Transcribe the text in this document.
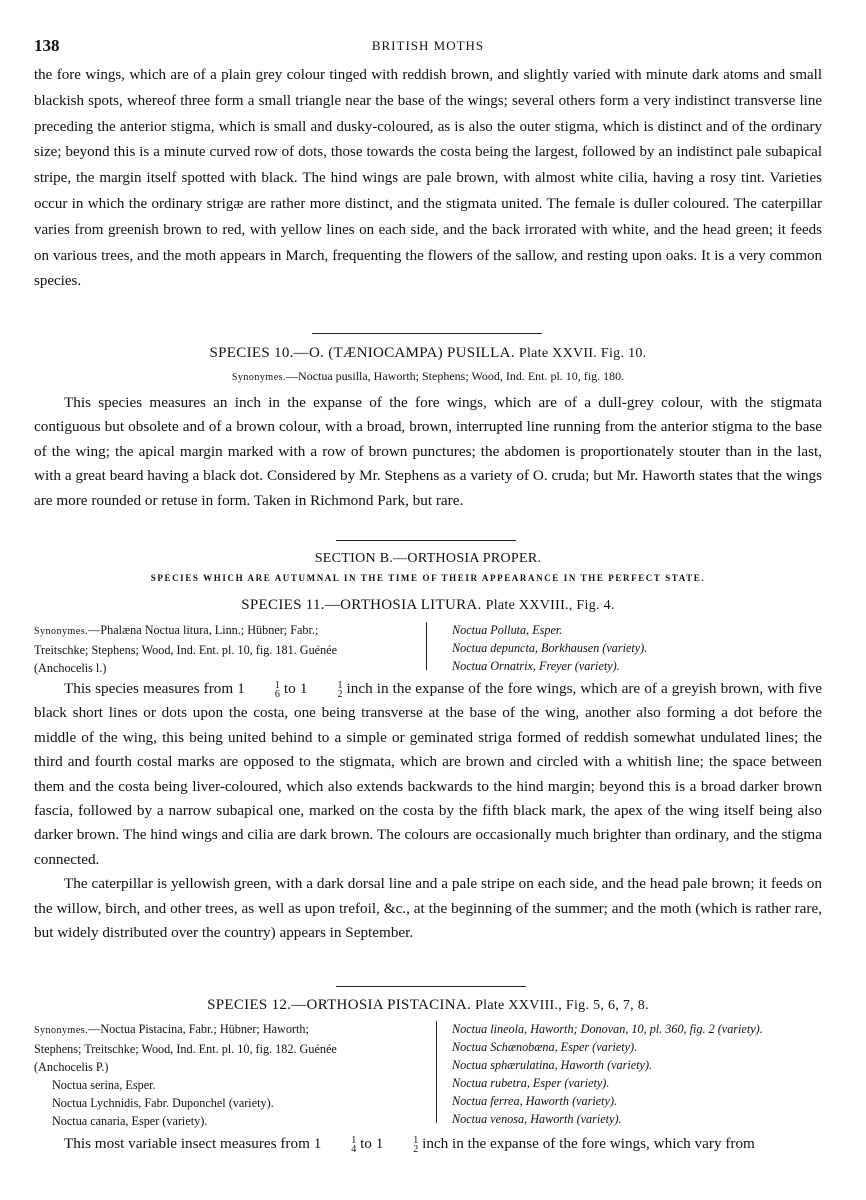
138	BRITISH MOTHS

the fore wings, which are of a plain grey colour tinged with reddish brown, and slightly varied with minute dark atoms and small blackish spots, whereof three form a small triangle near the base of the wings; several others form a very indistinct transverse line preceding the anterior stigma, which is small and dusky-coloured, as is also the outer stigma, which is distinct and of the ordinary size; beyond this is a minute curved row of dots, those towards the costa being the largest, followed by an indistinct pale subapical stripe, the margin itself spotted with black. The hind wings are pale brown, with almost white cilia, having a rosy tint. Varieties occur in which the ordinary strigæ are rather more distinct, and the stigmata united. The female is duller coloured. The caterpillar varies from greenish brown to red, with yellow lines on each side, and the back irrorated with white, and the head green; it feeds on various trees, and the moth appears in March, frequenting the flowers of the sallow, and resting upon oaks. It is a very common species.

SPECIES 10.—O. (TÆNIOCAMPA) PUSILLA. Plate XXVII. Fig. 10.
Synonymes.—Noctua pusilla, Haworth; Stephens; Wood, Ind. Ent. pl. 10, fig. 180.

This species measures an inch in the expanse of the fore wings, which are of a dull-grey colour, with the stigmata contiguous but obsolete and of a brown colour, with a broad, brown, interrupted line running from the anterior stigma to the base of the wing; the apical margin marked with a row of brown punctures; the abdomen is proportionately stouter than in the last, with a great beard having a black dot. Considered by Mr. Stephens as a variety of O. cruda; but Mr. Haworth states that the wings are more rounded or retuse in form. Taken in Richmond Park, but rare.

SECTION B.—ORTHOSIA PROPER.
SPECIES WHICH ARE AUTUMNAL IN THE TIME OF THEIR APPEARANCE IN THE PERFECT STATE.
SPECIES 11.—ORTHOSIA LITURA. Plate XXVIII., Fig. 4.
Synonymes.—Phalæna Noctua litura, Linn.; Hübner; Fabr.;
Treitschke; Stephens; Wood, Ind. Ent. pl. 10, fig. 181. Guénée
(Anchocelis l.)
Noctua Polluta, Esper.
Noctua depuncta, Borkhausen (variety).
Noctua Ornatrix, Freyer (variety).

This species measures from 1	1
6 to 1	1
2 inch in the expanse of the fore wings, which are of a greyish brown, with five black short lines or dots upon the costa, one being transverse at the base of the wing, another also forming a dot before the middle of the wing, this being united behind to a simple or geminated striga formed of reddish somewhat undulated lines; the third and fourth costal marks are opposed to the stigmata, which are brown and circled with a whitish line; the space between them and the costa being liver-coloured, which also extends backwards to the hind margin; beyond this is a broad darker brown fascia, followed by a narrow subapical one, marked on the costa by the fifth black mark, the apex of the wing itself being also darker brown. The hind wings and cilia are dark brown. The colours are occasionally much brighter than ordinary, and the stigma connected.

The caterpillar is yellowish green, with a dark dorsal line and a pale stripe on each side, and the head pale brown; it feeds on the willow, birch, and other trees, as well as upon trefoil, &c., at the beginning of the summer; and the moth (which is rather rare, but widely distributed over the country) appears in September.

SPECIES 12.—ORTHOSIA PISTACINA. Plate XXVIII., Fig. 5, 6, 7, 8.
Synonymes.—Noctua Pistacina, Fabr.; Hübner; Haworth;
Stephens; Treitschke; Wood, Ind. Ent. pl. 10, fig. 182. Guénée
(Anchocelis P.)
Noctua serina, Esper.
Noctua Lychnidis, Fabr. Duponchel (variety).
Noctua canaria, Esper (variety).
Noctua lineola, Haworth; Donovan, 10, pl. 360, fig. 2 (variety).
Noctua Schænobæna, Esper (variety).
Noctua sphærulatina, Haworth (variety).
Noctua rubetra, Esper (variety).
Noctua ferrea, Haworth (variety).
Noctua venosa, Haworth (variety).

This most variable insect measures from 1	1
4 to 1	1
2 inch in the expanse of the fore wings, which vary from
